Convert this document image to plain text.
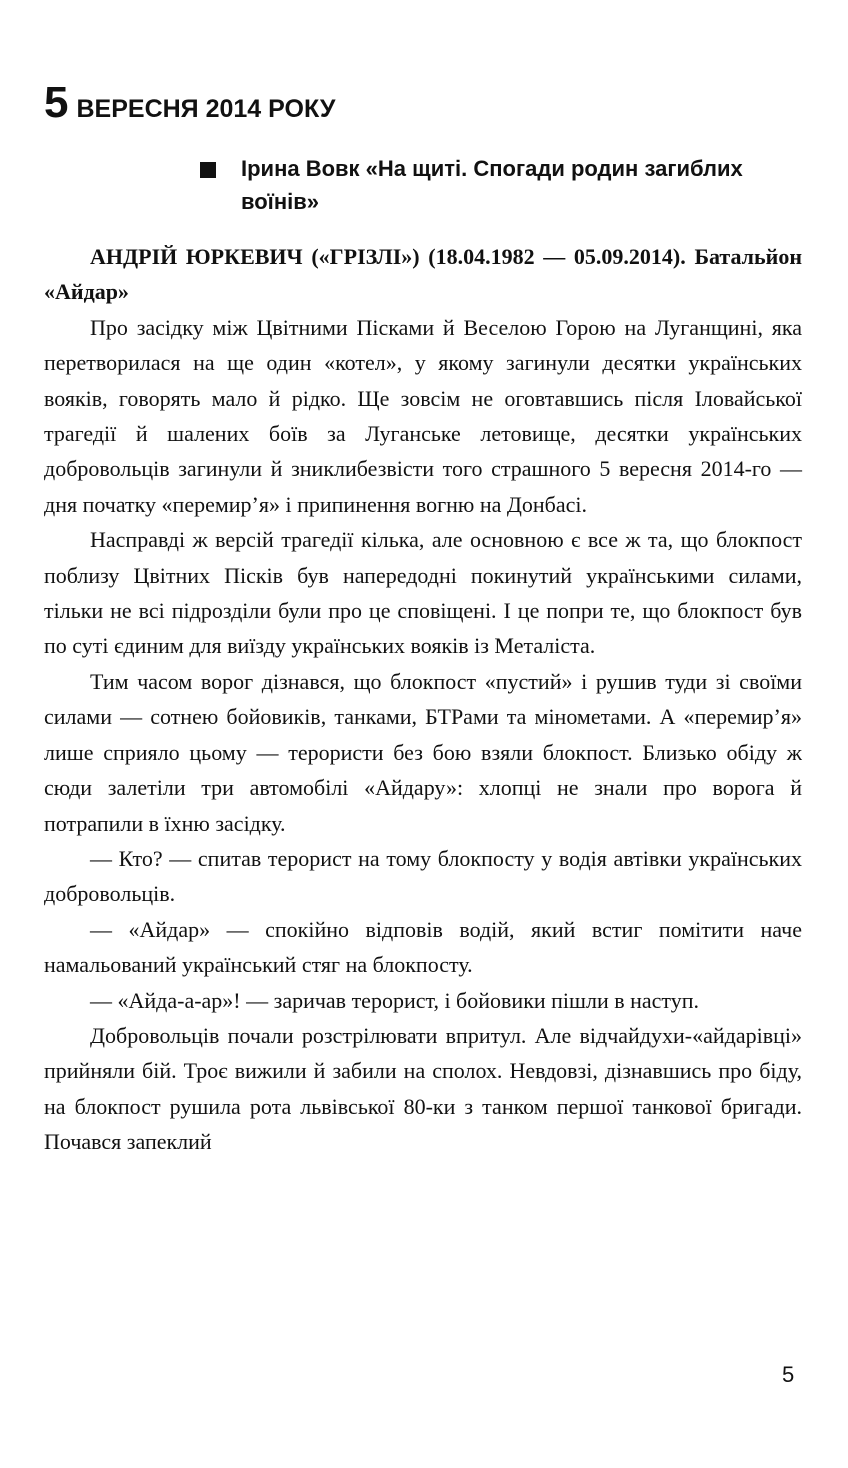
5 ВЕРЕСНЯ 2014 РОКУ
Ірина Вовк «На щиті. Спогади родин загиблих воїнів»

АНДРІЙ ЮРКЕВИЧ («ГРІЗЛІ») (18.04.1982 — 05.09.2014). Батальйон «Айдар»

Про засідку між Цвітними Пісками й Веселою Горою на Луганщині, яка перетворилася на ще один «котел», у якому загинули десятки українських вояків, говорять мало й рідко. Ще зовсім не оговтавшись після Іловайської трагедії й шалених боїв за Луганське летовище, десятки українських добровольців загинули й зниклибезвісти того страшного 5 вересня 2014-го — дня початку «перемир’я» і припинення вогню на Донбасі.

Насправді ж версій трагедії кілька, але основною є все ж та, що блокпост поблизу Цвітних Пісків був напередодні покинутий українськими силами, тільки не всі підрозділи були про це сповіщені. І це попри те, що блокпост був по суті єдиним для виїзду українських вояків із Металіста.

Тим часом ворог дізнався, що блокпост «пустий» і рушив туди зі своїми силами — сотнею бойовиків, танками, БТРами та мінометами. А «перемир’я» лише сприяло цьому — терористи без бою взяли блокпост. Близько обіду ж сюди залетіли три автомобілі «Айдару»: хлопці не знали про ворога й потрапили в їхню засідку.

— Кто? — спитав терорист на тому блокпосту у водія автівки українських добровольців.

— «Айдар» — спокійно відповів водій, який встиг помітити наче намальований український стяг на блокпосту.

— «Айда-а-ар»! — заричав терорист, і бойовики пішли в наступ.

Добровольців почали розстрілювати впритул. Але відчайдухи-«айдарівці» прийняли бій. Троє вижили й забили на сполох. Невдовзі, дізнавшись про біду, на блокпост рушила рота львівської 80-ки з танком першої танкової бригади. Почався запеклий

5
